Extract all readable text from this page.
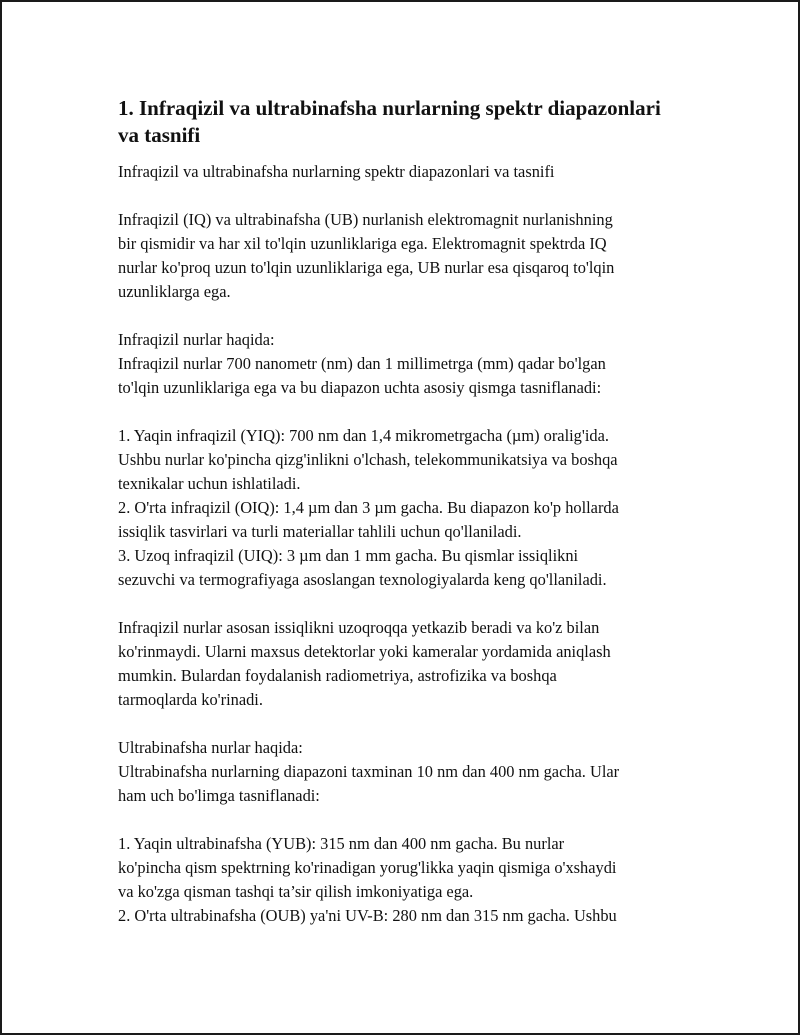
1. Infraqizil va ultrabinafsha nurlarning spektr diapazonlari
va tasnifi

Infraqizil va ultrabinafsha nurlarning spektr diapazonlari va tasnifi

Infraqizil (IQ) va ultrabinafsha (UB) nurlanish elektromagnit nurlanishning
bir qismidir va har xil to'lqin uzunliklariga ega. Elektromagnit spektrda IQ
nurlar ko'proq uzun to'lqin uzunliklariga ega, UB nurlar esa qisqaroq to'lqin
uzunliklarga ega.

Infraqizil nurlar haqida:
Infraqizil nurlar 700 nanometr (nm) dan 1 millimetrga (mm) qadar bo'lgan
to'lqin uzunliklariga ega va bu diapazon uchta asosiy qismga tasniflanadi:

1. Yaqin infraqizil (YIQ): 700 nm dan 1,4 mikrometrgacha (µm) oralig'ida.
Ushbu nurlar ko'pincha qizg'inlikni o'lchash, telekommunikatsiya va boshqa
texnikalar uchun ishlatiladi.
2. O'rta infraqizil (OIQ): 1,4 µm dan 3 µm gacha. Bu diapazon ko'p hollarda
issiqlik tasvirlari va turli materiallar tahlili uchun qo'llaniladi.
3. Uzoq infraqizil (UIQ): 3 µm dan 1 mm gacha. Bu qismlar issiqlikni
sezuvchi va termografiyaga asoslangan texnologiyalarda keng qo'llaniladi.

Infraqizil nurlar asosan issiqlikni uzoqroqqa yetkazib beradi va ko'z bilan
ko'rinmaydi. Ularni maxsus detektorlar yoki kameralar yordamida aniqlash
mumkin. Bulardan foydalanish radiometriya, astrofizika va boshqa
tarmoqlarda ko'rinadi.

Ultrabinafsha nurlar haqida:
Ultrabinafsha nurlarning diapazoni taxminan 10 nm dan 400 nm gacha. Ular
ham uch bo'limga tasniflanadi:

1. Yaqin ultrabinafsha (YUB): 315 nm dan 400 nm gacha. Bu nurlar
ko'pincha qism spektrning ko'rinadigan yorug'likka yaqin qismiga o'xshaydi
va ko'zga qisman tashqi ta’sir qilish imkoniyatiga ega.
2. O'rta ultrabinafsha (OUB) ya'ni UV-B: 280 nm dan 315 nm gacha. Ushbu
